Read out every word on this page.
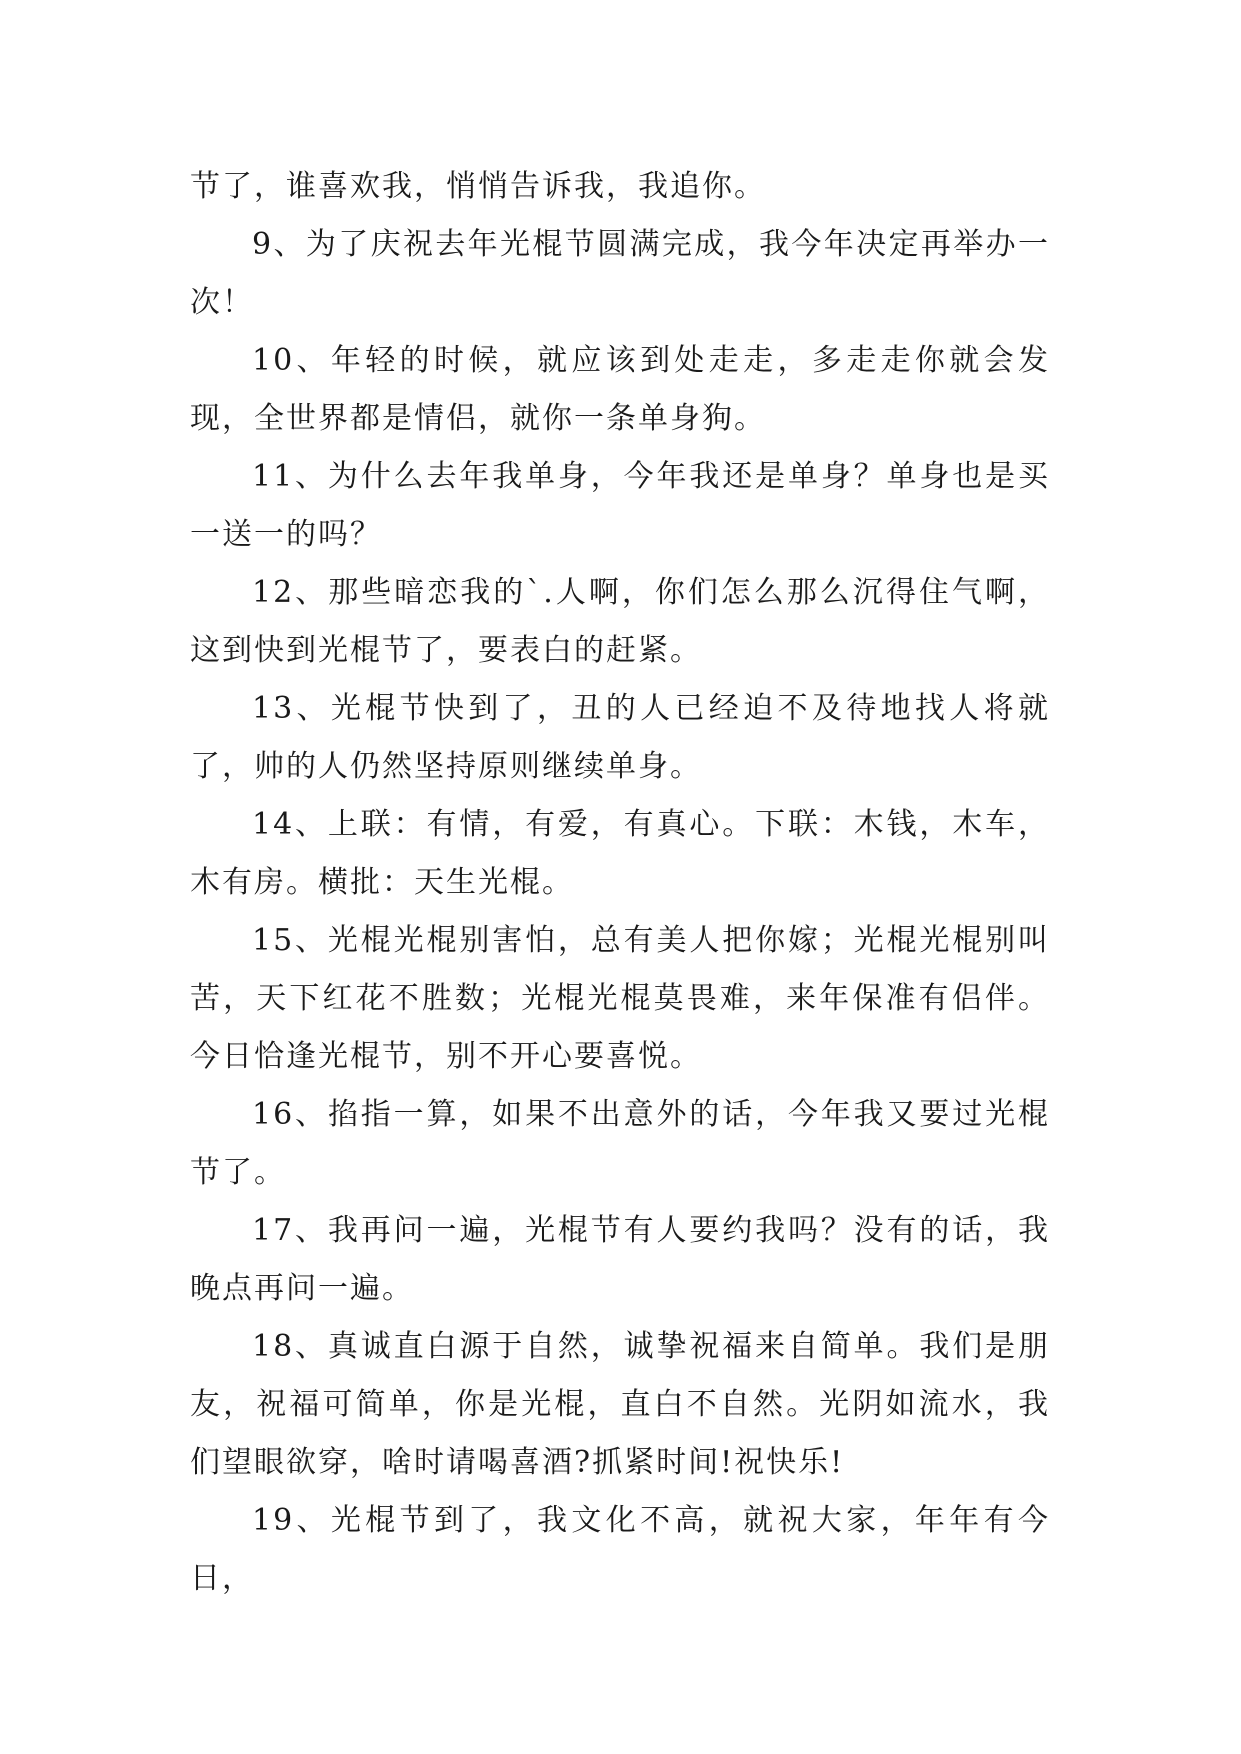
节了，谁喜欢我，悄悄告诉我，我追你。

9、为了庆祝去年光棍节圆满完成，我今年决定再举办一次！

10、年轻的时候，就应该到处走走，多走走你就会发现，全世界都是情侣，就你一条单身狗。

11、为什么去年我单身，今年我还是单身？单身也是买一送一的吗？

12、那些暗恋我的`.人啊，你们怎么那么沉得住气啊，这到快到光棍节了，要表白的赶紧。

13、光棍节快到了，丑的人已经迫不及待地找人将就了，帅的人仍然坚持原则继续单身。

14、上联：有情，有爱，有真心。下联：木钱，木车，木有房。横批：天生光棍。

15、光棍光棍别害怕，总有美人把你嫁；光棍光棍别叫苦，天下红花不胜数；光棍光棍莫畏难，来年保准有侣伴。今日恰逢光棍节，别不开心要喜悦。

16、掐指一算，如果不出意外的话，今年我又要过光棍节了。

17、我再问一遍，光棍节有人要约我吗？没有的话，我晚点再问一遍。

18、真诚直白源于自然，诚挚祝福来自简单。我们是朋友，祝福可简单，你是光棍，直白不自然。光阴如流水，我们望眼欲穿，啥时请喝喜酒?抓紧时间!祝快乐!

19、光棍节到了，我文化不高，就祝大家，年年有今日，
